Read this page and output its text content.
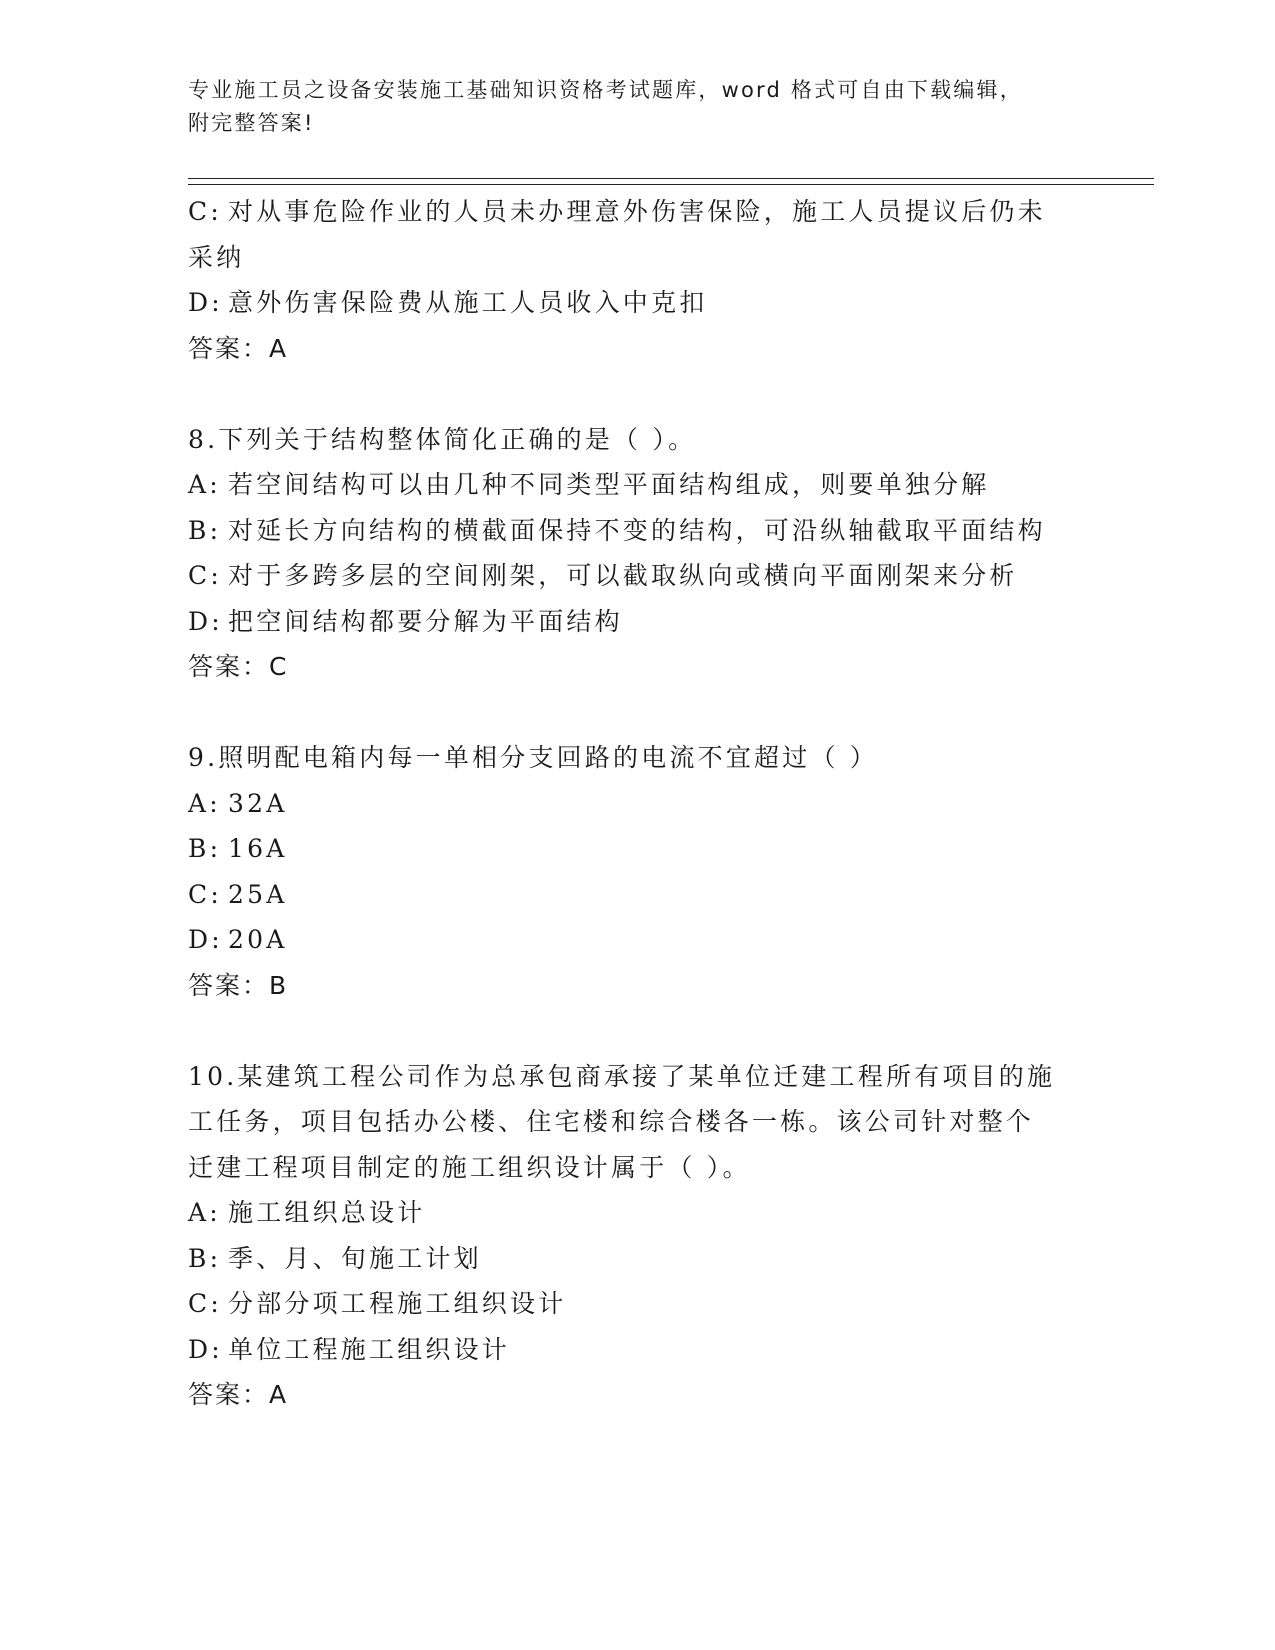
专业施工员之设备安装施工基础知识资格考试题库，word 格式可自由下载编辑，
附完整答案!
C: 对从事危险作业的人员未办理意外伤害保险，施工人员提议后仍未
采纳
D: 意外伤害保险费从施工人员收入中克扣
答案：A
8.下列关于结构整体简化正确的是（ ）。
A: 若空间结构可以由几种不同类型平面结构组成，则要单独分解
B: 对延长方向结构的横截面保持不变的结构，可沿纵轴截取平面结构
C: 对于多跨多层的空间刚架，可以截取纵向或横向平面刚架来分析
D: 把空间结构都要分解为平面结构
答案：C
9.照明配电箱内每一单相分支回路的电流不宜超过（ ）
A: 32A
B: 16A
C: 25A
D: 20A
答案：B
10.某建筑工程公司作为总承包商承接了某单位迁建工程所有项目的施
工任务，项目包括办公楼、住宅楼和综合楼各一栋。该公司针对整个
迁建工程项目制定的施工组织设计属于（ ）。
A: 施工组织总设计
B: 季、月、旬施工计划
C: 分部分项工程施工组织设计
D: 单位工程施工组织设计
答案：A
